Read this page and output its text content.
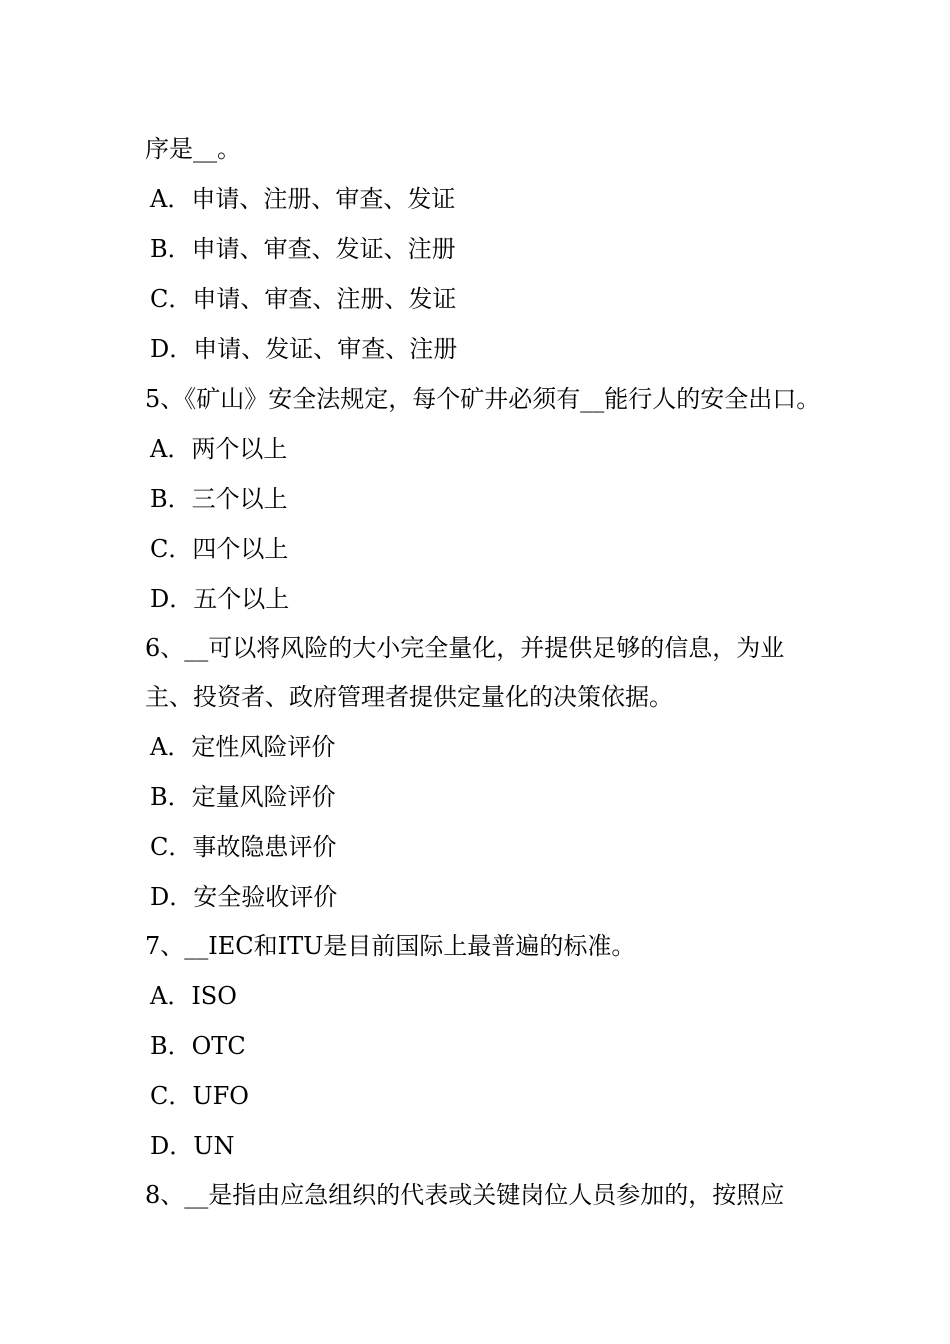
序是__。
A．申请、注册、审查、发证
B．申请、审查、发证、注册
C．申请、审查、注册、发证
D．申请、发证、审查、注册
5、《矿山》安全法规定，每个矿井必须有__能行人的安全出口。
A．两个以上
B．三个以上
C．四个以上
D．五个以上
6、__可以将风险的大小完全量化，并提供足够的信息，为业
主、投资者、政府管理者提供定量化的决策依据。
A．定性风险评价
B．定量风险评价
C．事故隐患评价
D．安全验收评价
7、__IEC和ITU是目前国际上最普遍的标准。
A．ISO
B．OTC
C．UFO
D．UN
8、__是指由应急组织的代表或关键岗位人员参加的，按照应
